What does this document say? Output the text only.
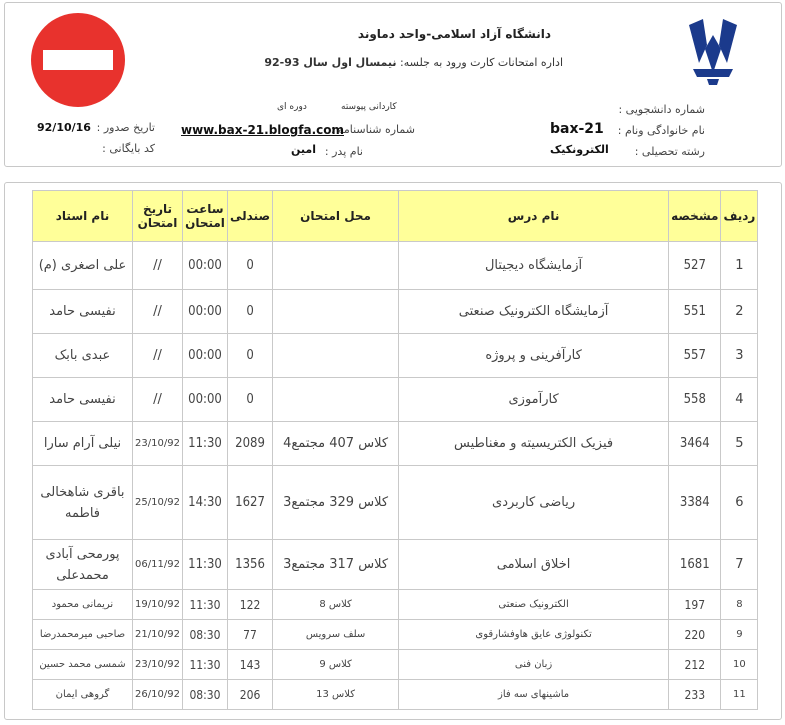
دانشگاه آزاد اسلامی-واحد دماوند
اداره امتحانات کارت ورود به جلسه: نیمسال اول سال 93-92
شماره دانشجویی :
نام خانوادگی ونام :
bax-21
رشته تحصیلی :
الکترونکیک
کاردانی پیوسته
دوره ای
شماره شناسنامه :
www.bax-21.blogfa.com
نام پدر :
امین
تاریخ صدور :
92/10/16
کد بایگانی :
ردیف	مشخصه	نام درس	محل امتحان	صندلی	ساعت امتحان	تاریخ امتحان	نام استاد
1	527	آزمایشگاه دیجیتال		0	00:00	//	علی اصغری (م)
2	551	آزمایشگاه الکترونیک صنعتی		0	00:00	//	نفیسی حامد
3	557	کارآفرینی و پروژه		0	00:00	//	عبدی بابک
4	558	کارآموزی		0	00:00	//	نفیسی حامد
5	3464	فیزیک الکتریسیته و مغناطیس	کلاس 407 مجتمع4	2089	11:30	23/10/92	نیلی آرام سارا
6	3384	ریاضی کاربردی	کلاس 329 مجتمع3	1627	14:30	25/10/92	باقری شاهخالی فاطمه
7	1681	اخلاق اسلامی	کلاس 317 مجتمع3	1356	11:30	06/11/92	پورمحی آبادی محمدعلی
8	197	الکترونیک صنعتی	کلاس 8	122	11:30	19/10/92	نریمانی محمود
9	220	تکنولوژی عایق هاوفشارقوی	سلف سرویس	77	08:30	21/10/92	صاحبی میرمحمدرضا
10	212	زبان فنی	کلاس 9	143	11:30	23/10/92	شمسی محمد حسین
11	233	ماشینهای سه فاز	کلاس 13	206	08:30	26/10/92	گروهی ایمان
